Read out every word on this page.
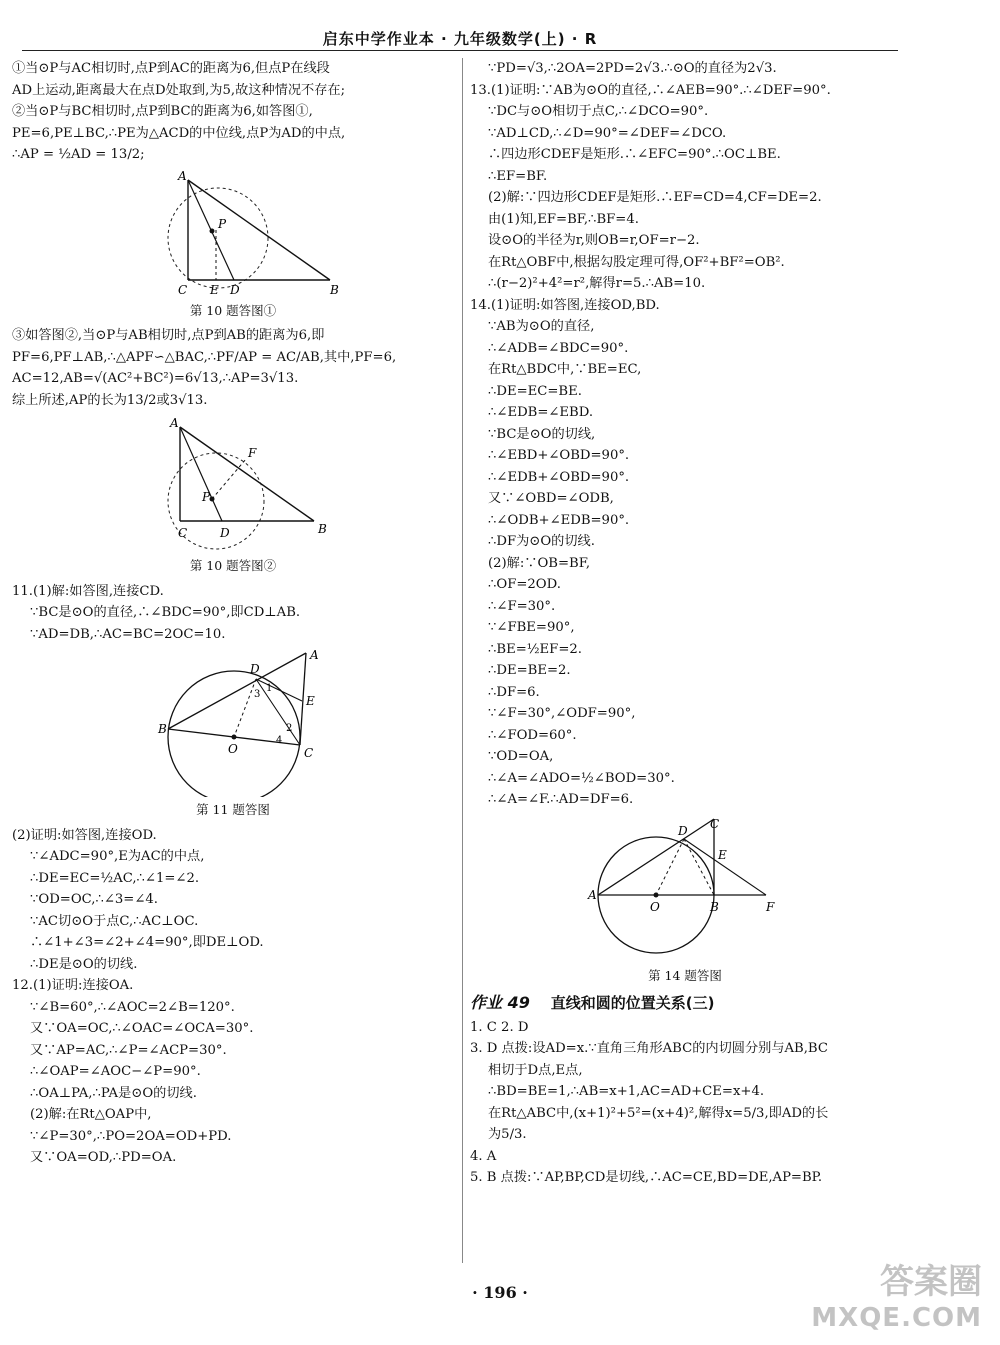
启东中学作业本 · 九年级数学(上) · R
①当⊙P与AC相切时,点P到AC的距离为6,但点P在线段
AD上运动,距离最大在点D处取到,为5,故这种情况不存在;
②当⊙P与BC相切时,点P到BC的距离为6,如答图①,
PE=6,PE⊥BC,∴PE为△ACD的中位线,点P为AD的中点,
∴AP = ½AD = 13/2;
A
P
C E D	B
第 10 题答图①
③如答图②,当⊙P与AB相切时,点P到AB的距离为6,即
PF=6,PF⊥AB,∴△APF∽△BAC,∴PF/AP = AC/AB,其中,PF=6,
AC=12,AB=√(AC²+BC²)=6√13,∴AP=3√13.
综上所述,AP的长为13/2或3√13.
A
F
P
C	D	B
第 10 题答图②
11.(1)解:如答图,连接CD.
∵BC是⊙O的直径,∴∠BDC=90°,即CD⊥AB.
∵AD=DB,∴AC=BC=2OC=10.
A
D
E
B
O	C
1
2
3
4
第 11 题答图
(2)证明:如答图,连接OD.
∵∠ADC=90°,E为AC的中点,
∴DE=EC=½AC,∴∠1=∠2.
∵OD=OC,∴∠3=∠4.
∵AC切⊙O于点C,∴AC⊥OC.
∴∠1+∠3=∠2+∠4=90°,即DE⊥OD.
∴DE是⊙O的切线.
12.(1)证明:连接OA.
∵∠B=60°,∴∠AOC=2∠B=120°.
又∵OA=OC,∴∠OAC=∠OCA=30°.
又∵AP=AC,∴∠P=∠ACP=30°.
∴∠OAP=∠AOC−∠P=90°.
∴OA⊥PA,∴PA是⊙O的切线.
(2)解:在Rt△OAP中,
∵∠P=30°,∴PO=2OA=OD+PD.
又∵OA=OD,∴PD=OA.
∵PD=√3,∴2OA=2PD=2√3.∴⊙O的直径为2√3.
13.(1)证明:∵AB为⊙O的直径,∴∠AEB=90°.∴∠DEF=90°.
∵DC与⊙O相切于点C,∴∠DCO=90°.
∵AD⊥CD,∴∠D=90°=∠DEF=∠DCO.
∴四边形CDEF是矩形.∴∠EFC=90°.∴OC⊥BE.
∴EF=BF.
(2)解:∵四边形CDEF是矩形.∴EF=CD=4,CF=DE=2.
由(1)知,EF=BF,∴BF=4.
设⊙O的半径为r,则OB=r,OF=r−2.
在Rt△OBF中,根据勾股定理可得,OF²+BF²=OB².
∴(r−2)²+4²=r²,解得r=5.∴AB=10.
14.(1)证明:如答图,连接OD,BD.
∵AB为⊙O的直径,
∴∠ADB=∠BDC=90°.
在Rt△BDC中,∵BE=EC,
∴DE=EC=BE.
∴∠EDB=∠EBD.
∵BC是⊙O的切线,
∴∠EBD+∠OBD=90°.
∴∠EDB+∠OBD=90°.
又∵∠OBD=∠ODB,
∴∠ODB+∠EDB=90°.
∴DF为⊙O的切线.
(2)解:∵OB=BF,
∴OF=2OD.
∴∠F=30°.
∵∠FBE=90°,
∴BE=½EF=2.
∴DE=BE=2.
∴DF=6.
∵∠F=30°,∠ODF=90°,
∴∠FOD=60°.
∵OD=OA,
∴∠A=∠ADO=½∠BOD=30°.
∴∠A=∠F.∴AD=DF=6.
C
D
E
A
O	B	F
第 14 题答图
作业 49 直线和圆的位置关系(三)
1. C 2. D
3. D 点拨:设AD=x.∵直角三角形ABC的内切圆分别与AB,BC
相切于D点,E点,
∴BD=BE=1,∴AB=x+1,AC=AD+CE=x+4.
在Rt△ABC中,(x+1)²+5²=(x+4)²,解得x=5/3,即AD的长
为5/3.
4. A
5. B 点拨:∵AP,BP,CD是切线,∴AC=CE,BD=DE,AP=BP.
· 196 ·	答案圈
MXQE.COM
